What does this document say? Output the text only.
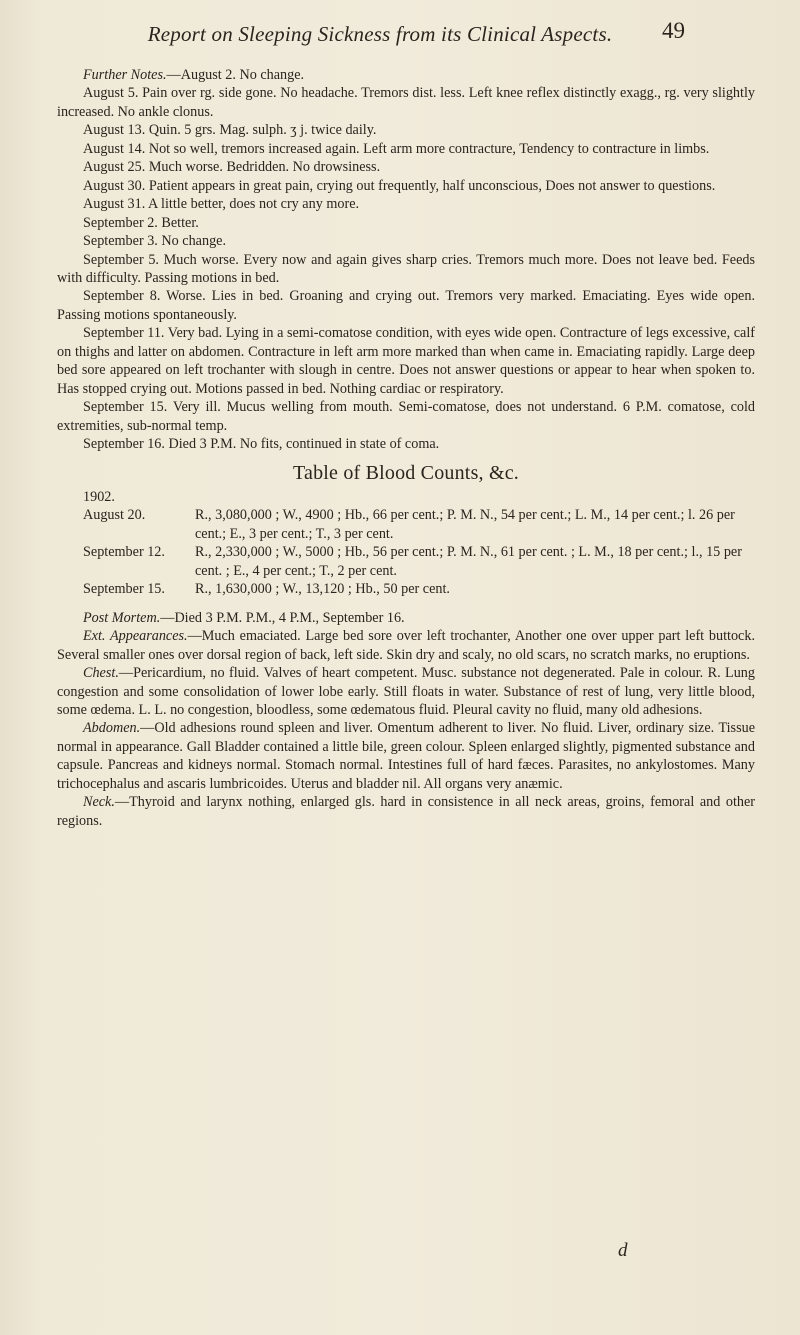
Report on Sleeping Sickness from its Clinical Aspects.	49

Further Notes.—August 2. No change.

August 5. Pain over rg. side gone. No headache. Tremors dist. less. Left knee reflex distinctly exagg., rg. very slightly increased. No ankle clonus.

August 13. Quin. 5 grs. Mag. sulph. ʒ j. twice daily.

August 14. Not so well, tremors increased again. Left arm more contracture, Tendency to contracture in limbs.

August 25. Much worse. Bedridden. No drowsiness.

August 30. Patient appears in great pain, crying out frequently, half unconscious, Does not answer to questions.

August 31. A little better, does not cry any more.

September 2. Better.

September 3. No change.

September 5. Much worse. Every now and again gives sharp cries. Tremors much more. Does not leave bed. Feeds with difficulty. Passing motions in bed.

September 8. Worse. Lies in bed. Groaning and crying out. Tremors very marked. Emaciating. Eyes wide open. Passing motions spontaneously.

September 11. Very bad. Lying in a semi-comatose condition, with eyes wide open. Contracture of legs excessive, calf on thighs and latter on abdomen. Contracture in left arm more marked than when came in. Emaciating rapidly. Large deep bed sore appeared on left trochanter with slough in centre. Does not answer questions or appear to hear when spoken to. Has stopped crying out. Motions passed in bed. Nothing cardiac or respiratory.

September 15. Very ill. Mucus welling from mouth. Semi-comatose, does not understand. 6 P.M. comatose, cold extremities, sub-normal temp.

September 16. Died 3 P.M. No fits, continued in state of coma.

Table of Blood Counts, &c.
1902.
August 20.	R., 3,080,000 ; W., 4900 ; Hb., 66 per cent.; P. M. N., 54 per cent.; L. M., 14 per cent.; l. 26 per cent.; E., 3 per cent.; T., 3 per cent.
September 12.	R., 2,330,000 ; W., 5000 ; Hb., 56 per cent.; P. M. N., 61 per cent. ; L. M., 18 per cent.; l., 15 per cent. ; E., 4 per cent.; T., 2 per cent.
September 15.	R., 1,630,000 ; W., 13,120 ; Hb., 50 per cent.

Post Mortem.—Died 3 P.M. P.M., 4 P.M., September 16.

Ext. Appearances.—Much emaciated. Large bed sore over left trochanter, Another one over upper part left buttock. Several smaller ones over dorsal region of back, left side. Skin dry and scaly, no old scars, no scratch marks, no eruptions.

Chest.—Pericardium, no fluid. Valves of heart competent. Musc. substance not degenerated. Pale in colour. R. Lung congestion and some consolidation of lower lobe early. Still floats in water. Substance of rest of lung, very little blood, some œdema. L. L. no congestion, bloodless, some œdematous fluid. Pleural cavity no fluid, many old adhesions.

Abdomen.—Old adhesions round spleen and liver. Omentum adherent to liver. No fluid. Liver, ordinary size. Tissue normal in appearance. Gall Bladder contained a little bile, green colour. Spleen enlarged slightly, pigmented substance and capsule. Pancreas and kidneys normal. Stomach normal. Intestines full of hard fæces. Parasites, no ankylostomes. Many trichocephalus and ascaris lumbricoides. Uterus and bladder nil. All organs very anæmic.

Neck.—Thyroid and larynx nothing, enlarged gls. hard in consistence in all neck areas, groins, femoral and other regions.

d
